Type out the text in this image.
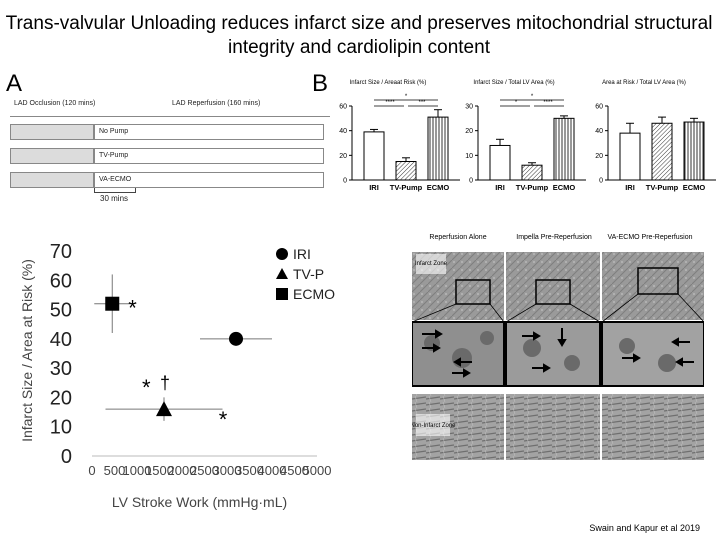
Trans-valvular Unloading reduces infarct size and preserves mitochondrial structural integrity and cardiolipin content
A	B
LAD Occlusion (120 mins)	LAD Reperfusion (160 mins)
No Pump
TV-Pump
VA-ECMO
30 mins
Infarct Size / Areaat Risk (%)
0
20
40
60
IRI TV-Pump ECMO
*
****	***
Infarct Size / Total LV Area (%)
0
10
20
30
IRI TV-Pump ECMO
*
*	****
Area at Risk / Total LV Area (%)
0
20
40
60
IRI TV-Pump ECMO
0
10
20
30
40
50
60
70
0 500
1000
1500
2000
2500
3000
3500
4000
4500
5000
LV Stroke Work (mmHg·mL)
Infarct Size / Area at Risk (%)	*
* †
*
IRI
TV-P
ECMO
Reperfusion Alone	Impella Pre-Reperfusion VA-ECMO Pre-Reperfusion
Infarct Zone
Non-Infarct Zone
Swain and Kapur et al 2019
